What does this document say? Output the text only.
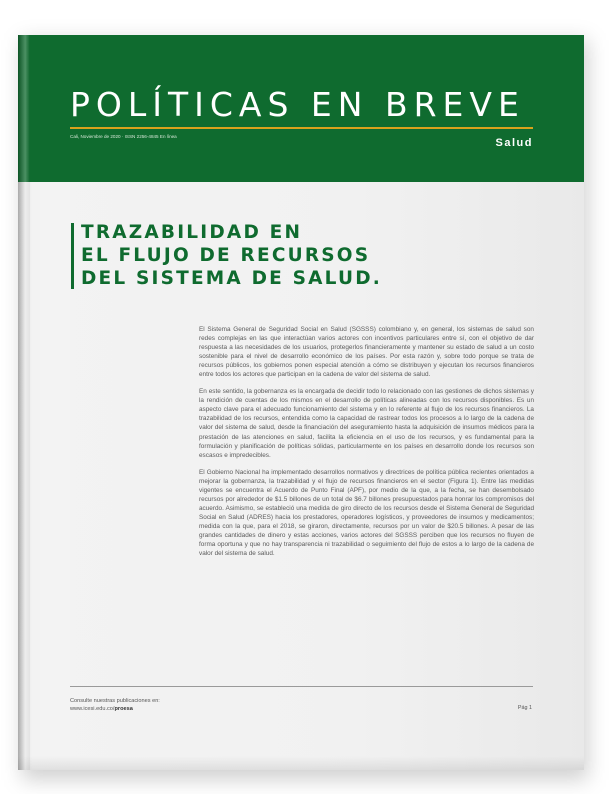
POLÍTICAS EN BREVE
Cali, Noviembre de 2020 · ISSN 2256-4845 En línea
Salud
TRAZABILIDAD EN
EL FLUJO DE RECURSOS
DEL SISTEMA DE SALUD.

El Sistema General de Seguridad Social en Salud (SGSSS) colombiano y, en general, los sistemas de salud son redes complejas en las que interactúan varios actores con incentivos particulares entre sí, con el objetivo de dar respuesta a las necesidades de los usuarios, protegerlos financieramente y mantener su estado de salud a un costo sostenible para el nivel de desarrollo económico de los países. Por esta razón y, sobre todo porque se trata de recursos públicos, los gobiernos ponen especial atención a cómo se distribuyen y ejecutan los recursos financieros entre todos los actores que participan en la cadena de valor del sistema de salud.

En este sentido, la gobernanza es la encargada de decidir todo lo relacionado con las gestiones de dichos sistemas y la rendición de cuentas de los mismos en el desarrollo de políticas alineadas con los recursos disponibles. Es un aspecto clave para el adecuado funcionamiento del sistema y en lo referente al flujo de los recursos financieros. La trazabilidad de los recursos, entendida como la capacidad de rastrear todos los procesos a lo largo de la cadena de valor del sistema de salud, desde la financiación del aseguramiento hasta la adquisición de insumos médicos para la prestación de las atenciones en salud, facilita la eficiencia en el uso de los recursos, y es fundamental para la formulación y planificación de políticas sólidas, particularmente en los países en desarrollo donde los recursos son escasos e impredecibles.

El Gobierno Nacional ha implementado desarrollos normativos y directrices de política pública recientes orientados a mejorar la gobernanza, la trazabilidad y el flujo de recursos financieros en el sector (Figura 1). Entre las medidas vigentes se encuentra el Acuerdo de Punto Final (APF), por medio de la que, a la fecha, se han desembolsado recursos por alrededor de $1.5 billones de un total de $6.7 billones presupuestados para honrar los compromisos del acuerdo. Asimismo, se estableció una medida de giro directo de los recursos desde el Sistema General de Seguridad Social en Salud (ADRES) hacia los prestadores, operadores logísticos, y proveedores de insumos y medicamentos; medida con la que, para el 2018, se giraron, directamente, recursos por un valor de $20.5 billones. A pesar de las grandes cantidades de dinero y estas acciones, varios actores del SGSSS perciben que los recursos no fluyen de forma oportuna y que no hay transparencia ni trazabilidad o seguimiento del flujo de estos a lo largo de la cadena de valor del sistema de salud.

Consulte nuestras publicaciones en:
www.icesi.edu.co/proesa	Pág 1
